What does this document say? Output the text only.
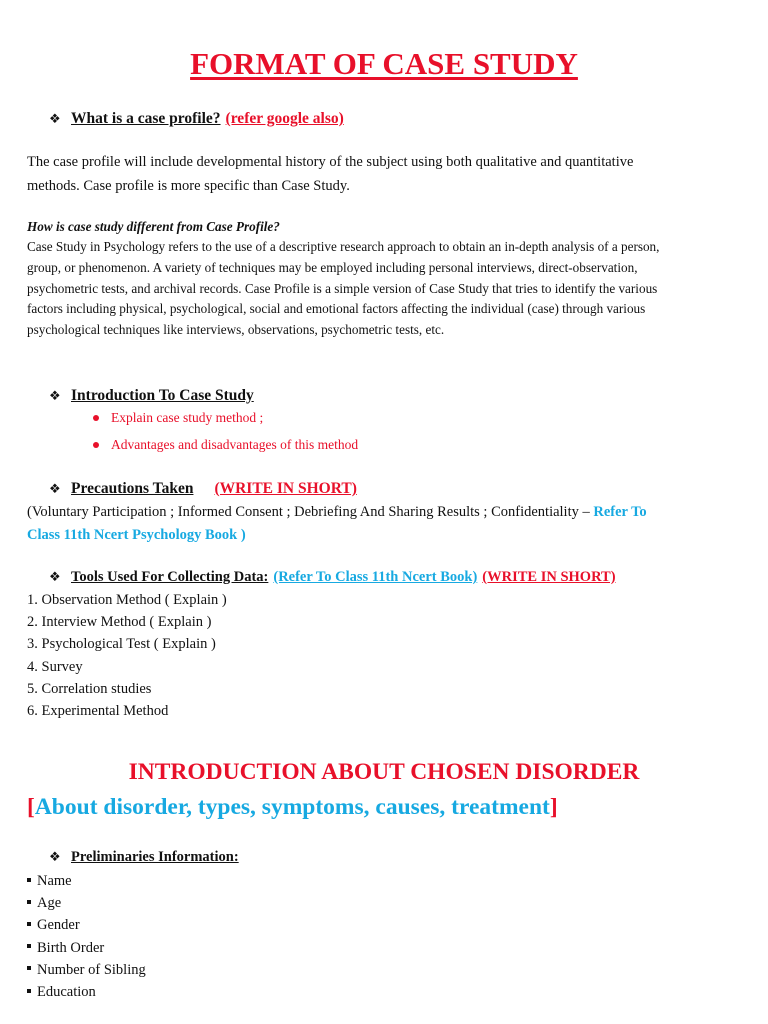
FORMAT OF CASE STUDY
❖ What is a case profile? (refer google also)
The case profile will include developmental history of the subject using both qualitative and quantitative
methods. Case profile is more specific than Case Study.
How is case study different from Case Profile?
Case Study in Psychology refers to the use of a descriptive research approach to obtain an in-depth analysis of a person,
group, or phenomenon. A variety of techniques may be employed including personal interviews, direct-observation,
psychometric tests, and archival records. Case Profile is a simple version of Case Study that tries to identify the various
factors including physical, psychological, social and emotional factors affecting the individual (case) through various
psychological techniques like interviews, observations, psychometric tests, etc.
❖ Introduction To Case Study
Explain case study method ;
Advantages and disadvantages of this method
❖ Precautions Taken (WRITE IN SHORT)
(Voluntary Participation ; Informed Consent ; Debriefing And Sharing Results ; Confidentiality – Refer To
Class 11th Ncert Psychology Book )
❖ Tools Used For Collecting Data: (Refer To Class 11th Ncert Book) (WRITE IN SHORT)
1. Observation Method ( Explain )
2. Interview Method ( Explain )
3. Psychological Test ( Explain )
4. Survey
5. Correlation studies
6. Experimental Method
INTRODUCTION ABOUT CHOSEN DISORDER
[About disorder, types, symptoms, causes, treatment]
❖ Preliminaries Information:
Name
Age
Gender
Birth Order
Number of Sibling
Education
